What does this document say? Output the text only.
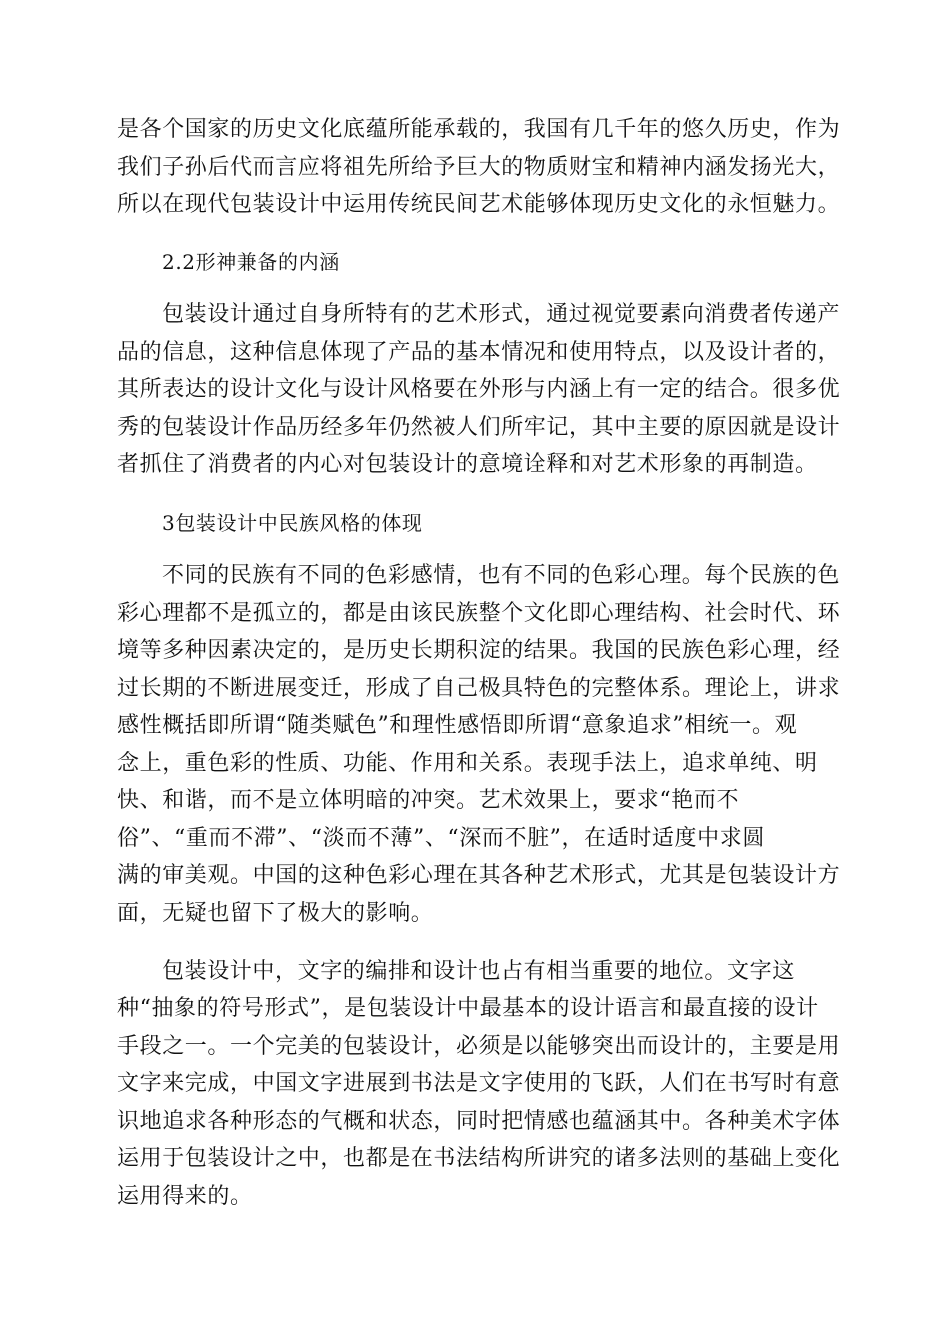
是各个国家的历史文化底蕴所能承载的，我国有几千年的悠久历史，作为
我们子孙后代而言应将祖先所给予巨大的物质财宝和精神内涵发扬光大，
所以在现代包装设计中运用传统民间艺术能够体现历史文化的永恒魅力。
2.2形神兼备的内涵
包装设计通过自身所特有的艺术形式，通过视觉要素向消费者传递产
品的信息，这种信息体现了产品的基本情况和使用特点，以及设计者的，
其所表达的设计文化与设计风格要在外形与内涵上有一定的结合。很多优
秀的包装设计作品历经多年仍然被人们所牢记，其中主要的原因就是设计
者抓住了消费者的内心对包装设计的意境诠释和对艺术形象的再制造。
3包装设计中民族风格的体现
不同的民族有不同的色彩感情，也有不同的色彩心理。每个民族的色
彩心理都不是孤立的，都是由该民族整个文化即心理结构、社会时代、环
境等多种因素决定的，是历史长期积淀的结果。我国的民族色彩心理，经
过长期的不断进展变迁，形成了自己极具特色的完整体系。理论上，讲求
感性概括即所谓“随类赋色”和理性感悟即所谓“意象追求”相统一。观
念上，重色彩的性质、功能、作用和关系。表现手法上，追求单纯、明
快、和谐，而不是立体明暗的冲突。艺术效果上，要求“艳而不
俗”、“重而不滞”、“淡而不薄”、“深而不脏”，在适时适度中求圆
满的审美观。中国的这种色彩心理在其各种艺术形式，尤其是包装设计方
面，无疑也留下了极大的影响。
包装设计中，文字的编排和设计也占有相当重要的地位。文字这
种“抽象的符号形式”，是包装设计中最基本的设计语言和最直接的设计
手段之一。一个完美的包装设计，必须是以能够突出而设计的，主要是用
文字来完成，中国文字进展到书法是文字使用的飞跃，人们在书写时有意
识地追求各种形态的气概和状态，同时把情感也蕴涵其中。各种美术字体
运用于包装设计之中，也都是在书法结构所讲究的诸多法则的基础上变化
运用得来的。
